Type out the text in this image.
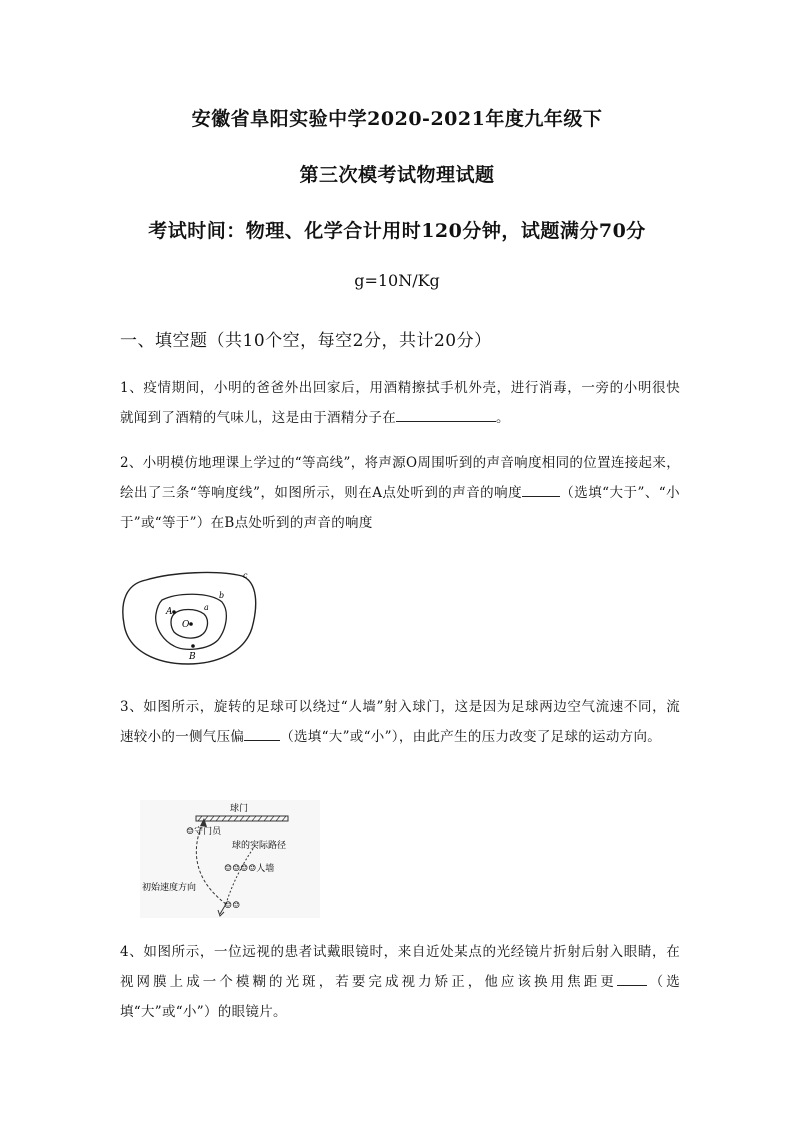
安徽省阜阳实验中学2020-2021年度九年级下
第三次模考试物理试题
考试时间：物理、化学合计用时120分钟，试题满分70分
g=10N/Kg
一、填空题（共10个空，每空2分，共计20分）
1、疫情期间，小明的爸爸外出回家后，用酒精擦拭手机外壳，进行消毒，一旁的小明很快就闻到了酒精的气味儿，这是由于酒精分子在	。
2、小明模仿地理课上学过的“等高线”，将声源O周围听到的声音响度相同的位置连接起来，绘出了三条“等响度线”，如图所示，则在A点处听到的声音的响度	（选填“大于”、“小于”或“等于”）在B点处听到的声音的响度
c
b
a
A
O
B
3、如图所示，旋转的足球可以绕过“人墙”射入球门，这是因为足球两边空气流速不同，流速较小的一侧气压偏	（选填“大”或“小”），由此产生的压力改变了足球的运动方向。
球门
☺守门员
球的实际路径
☺☺☺☺人墙
初始速度方向
☺☺
4、如图所示，一位远视的患者试戴眼镜时，来自近处某点的光经镜片折射后射入眼睛，在视网膜上成一个模糊的光斑，若要完成视力矫正，他应该换用焦距更 （选填“大”或“小”）的眼镜片。
